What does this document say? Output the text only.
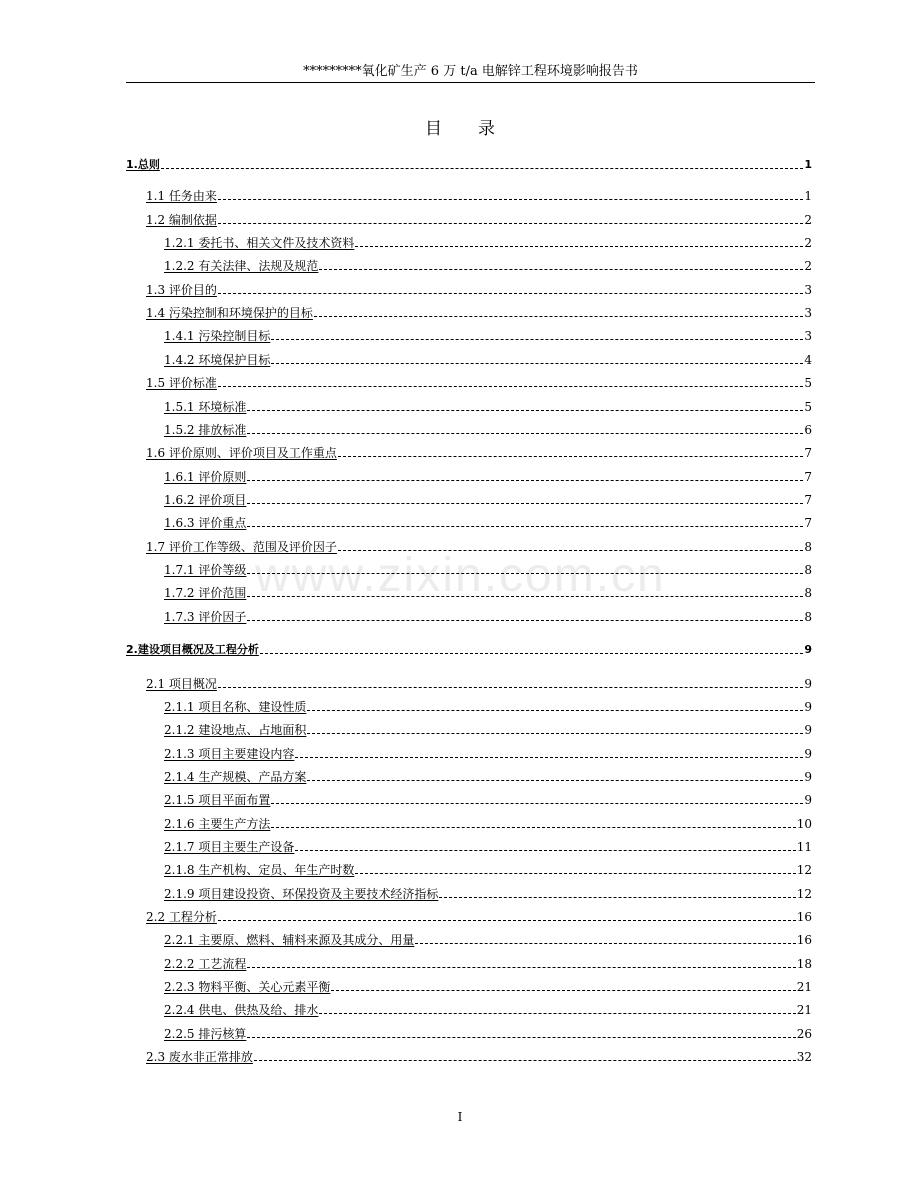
*********氧化矿生产 6 万 t/a 电解锌工程环境影响报告书
目录
www.zixin.com.cn
1.总则	1
1.1 任务由来	1
1.2 编制依据	2
1.2.1 委托书、相关文件及技术资料	2
1.2.2 有关法律、法规及规范	2
1.3 评价目的	3
1.4 污染控制和环境保护的目标	3
1.4.1 污染控制目标	3
1.4.2 环境保护目标	4
1.5 评价标准	5
1.5.1 环境标准	5
1.5.2 排放标准	6
1.6 评价原则、评价项目及工作重点	7
1.6.1 评价原则	7
1.6.2 评价项目	7
1.6.3 评价重点	7
1.7 评价工作等级、范围及评价因子	8
1.7.1 评价等级	8
1.7.2 评价范围	8
1.7.3 评价因子	8
2.建设项目概况及工程分析	9
2.1 项目概况	9
2.1.1 项目名称、建设性质	9
2.1.2 建设地点、占地面积	9
2.1.3 项目主要建设内容	9
2.1.4 生产规模、产品方案	9
2.1.5 项目平面布置	9
2.1.6 主要生产方法	10
2.1.7 项目主要生产设备	11
2.1.8 生产机构、定员、年生产时数	12
2.1.9 项目建设投资、环保投资及主要技术经济指标	12
2.2 工程分析	16
2.2.1 主要原、燃料、辅料来源及其成分、用量	16
2.2.2 工艺流程	18
2.2.3 物料平衡、关心元素平衡	21
2.2.4 供电、供热及给、排水	21
2.2.5 排污核算	26
2.3 废水非正常排放	32
I
